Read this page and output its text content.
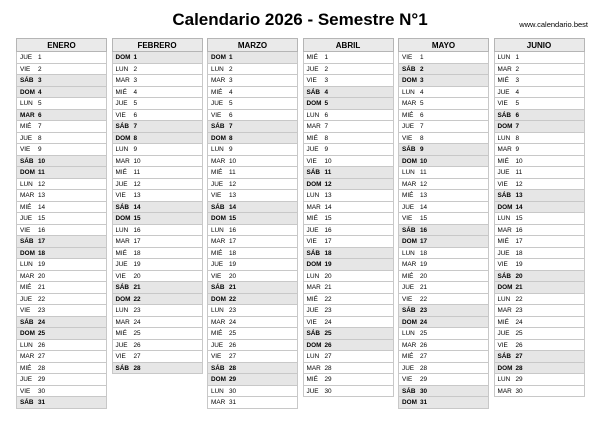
Calendario 2026 - Semestre N°1	www.calendario.best
ENERO
JUE 1
VIE 2
SÁB 3
DOM 4
LUN 5
MAR 6
MIÉ 7
JUE 8
VIE 9
SÁB 10
DOM 11
LUN 12
MAR 13
MIÉ 14
JUE 15
VIE 16
SÁB 17
DOM 18
LUN 19
MAR 20
MIÉ 21
JUE 22
VIE 23
SÁB 24
DOM 25
LUN 26
MAR 27
MIÉ 28
JUE 29
VIE 30
SÁB 31
FEBRERO
DOM 1
LUN 2
MAR 3
MIÉ 4
JUE 5
VIE 6
SÁB 7
DOM 8
LUN 9
MAR 10
MIÉ 11
JUE 12
VIE 13
SÁB 14
DOM 15
LUN 16
MAR 17
MIÉ 18
JUE 19
VIE 20
SÁB 21
DOM 22
LUN 23
MAR 24
MIÉ 25
JUE 26
VIE 27
SÁB 28
MARZO
DOM 1
LUN 2
MAR 3
MIÉ 4
JUE 5
VIE 6
SÁB 7
DOM 8
LUN 9
MAR 10
MIÉ 11
JUE 12
VIE 13
SÁB 14
DOM 15
LUN 16
MAR 17
MIÉ 18
JUE 19
VIE 20
SÁB 21
DOM 22
LUN 23
MAR 24
MIÉ 25
JUE 26
VIE 27
SÁB 28
DOM 29
LUN 30
MAR 31
ABRIL
MIÉ 1
JUE 2
VIE 3
SÁB 4
DOM 5
LUN 6
MAR 7
MIÉ 8
JUE 9
VIE 10
SÁB 11
DOM 12
LUN 13
MAR 14
MIÉ 15
JUE 16
VIE 17
SÁB 18
DOM 19
LUN 20
MAR 21
MIÉ 22
JUE 23
VIE 24
SÁB 25
DOM 26
LUN 27
MAR 28
MIÉ 29
JUE 30
MAYO
VIE 1
SÁB 2
DOM 3
LUN 4
MAR 5
MIÉ 6
JUE 7
VIE 8
SÁB 9
DOM 10
LUN 11
MAR 12
MIÉ 13
JUE 14
VIE 15
SÁB 16
DOM 17
LUN 18
MAR 19
MIÉ 20
JUE 21
VIE 22
SÁB 23
DOM 24
LUN 25
MAR 26
MIÉ 27
JUE 28
VIE 29
SÁB 30
DOM 31
JUNIO
LUN 1
MAR 2
MIÉ 3
JUE 4
VIE 5
SÁB 6
DOM 7
LUN 8
MAR 9
MIÉ 10
JUE 11
VIE 12
SÁB 13
DOM 14
LUN 15
MAR 16
MIÉ 17
JUE 18
VIE 19
SÁB 20
DOM 21
LUN 22
MAR 23
MIÉ 24
JUE 25
VIE 26
SÁB 27
DOM 28
LUN 29
MAR 30
